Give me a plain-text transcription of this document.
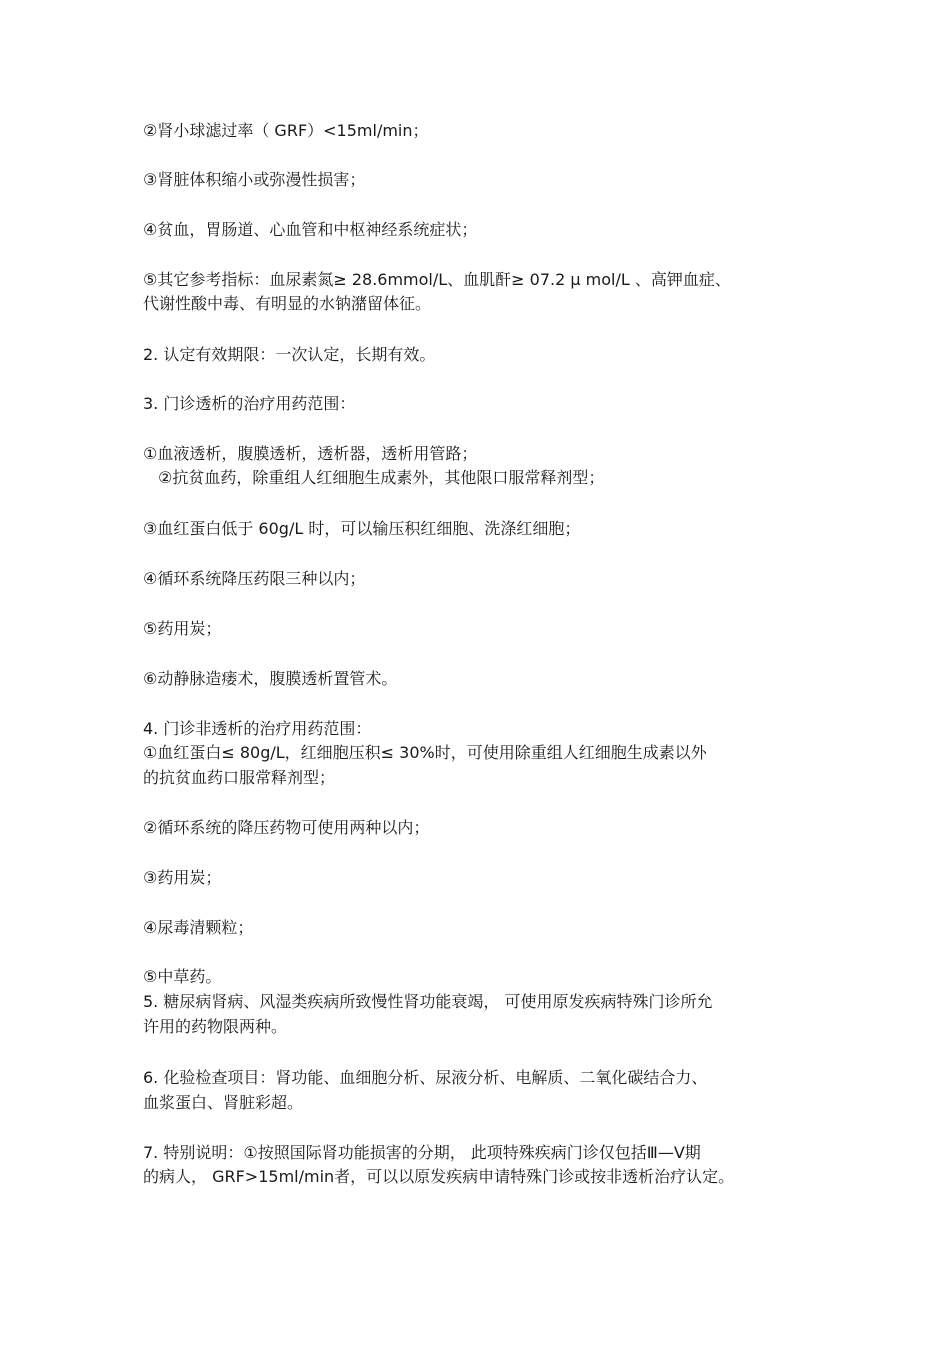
②肾小球滤过率（ GRF）<15ml/min；
③肾脏体积缩小或弥漫性损害；
④贫血，胃肠道、心血管和中枢神经系统症状；
⑤其它参考指标：血尿素氮≥ 28.6mmol/L、血肌酐≥ 07.2 μ mol/L 、高钾血症、
代谢性酸中毒、有明显的水钠潴留体征。
2. 认定有效期限：一次认定，长期有效。
3. 门诊透析的治疗用药范围：
①血液透析，腹膜透析，透析器，透析用管路；
②抗贫血药，除重组人红细胞生成素外，其他限口服常释剂型；
③血红蛋白低于 60g/L 时，可以输压积红细胞、洗涤红细胞；
④循环系统降压药限三种以内；
⑤药用炭；
⑥动静脉造瘘术，腹膜透析置管术。
4. 门诊非透析的治疗用药范围：
①血红蛋白≤ 80g/L，红细胞压积≤ 30%时，可使用除重组人红细胞生成素以外
的抗贫血药口服常释剂型；
②循环系统的降压药物可使用两种以内；
③药用炭；
④尿毒清颗粒；
⑤中草药。
5. 糖尿病肾病、风湿类疾病所致慢性肾功能衰竭， 可使用原发疾病特殊门诊所允
许用的药物限两种。
6. 化验检查项目：肾功能、血细胞分析、尿液分析、电解质、二氧化碳结合力、
血浆蛋白、肾脏彩超。
7. 特别说明：①按照国际肾功能损害的分期， 此项特殊疾病门诊仅包括Ⅲ—Ⅴ期
的病人， GRF>15ml/min者，可以以原发疾病申请特殊门诊或按非透析治疗认定。
